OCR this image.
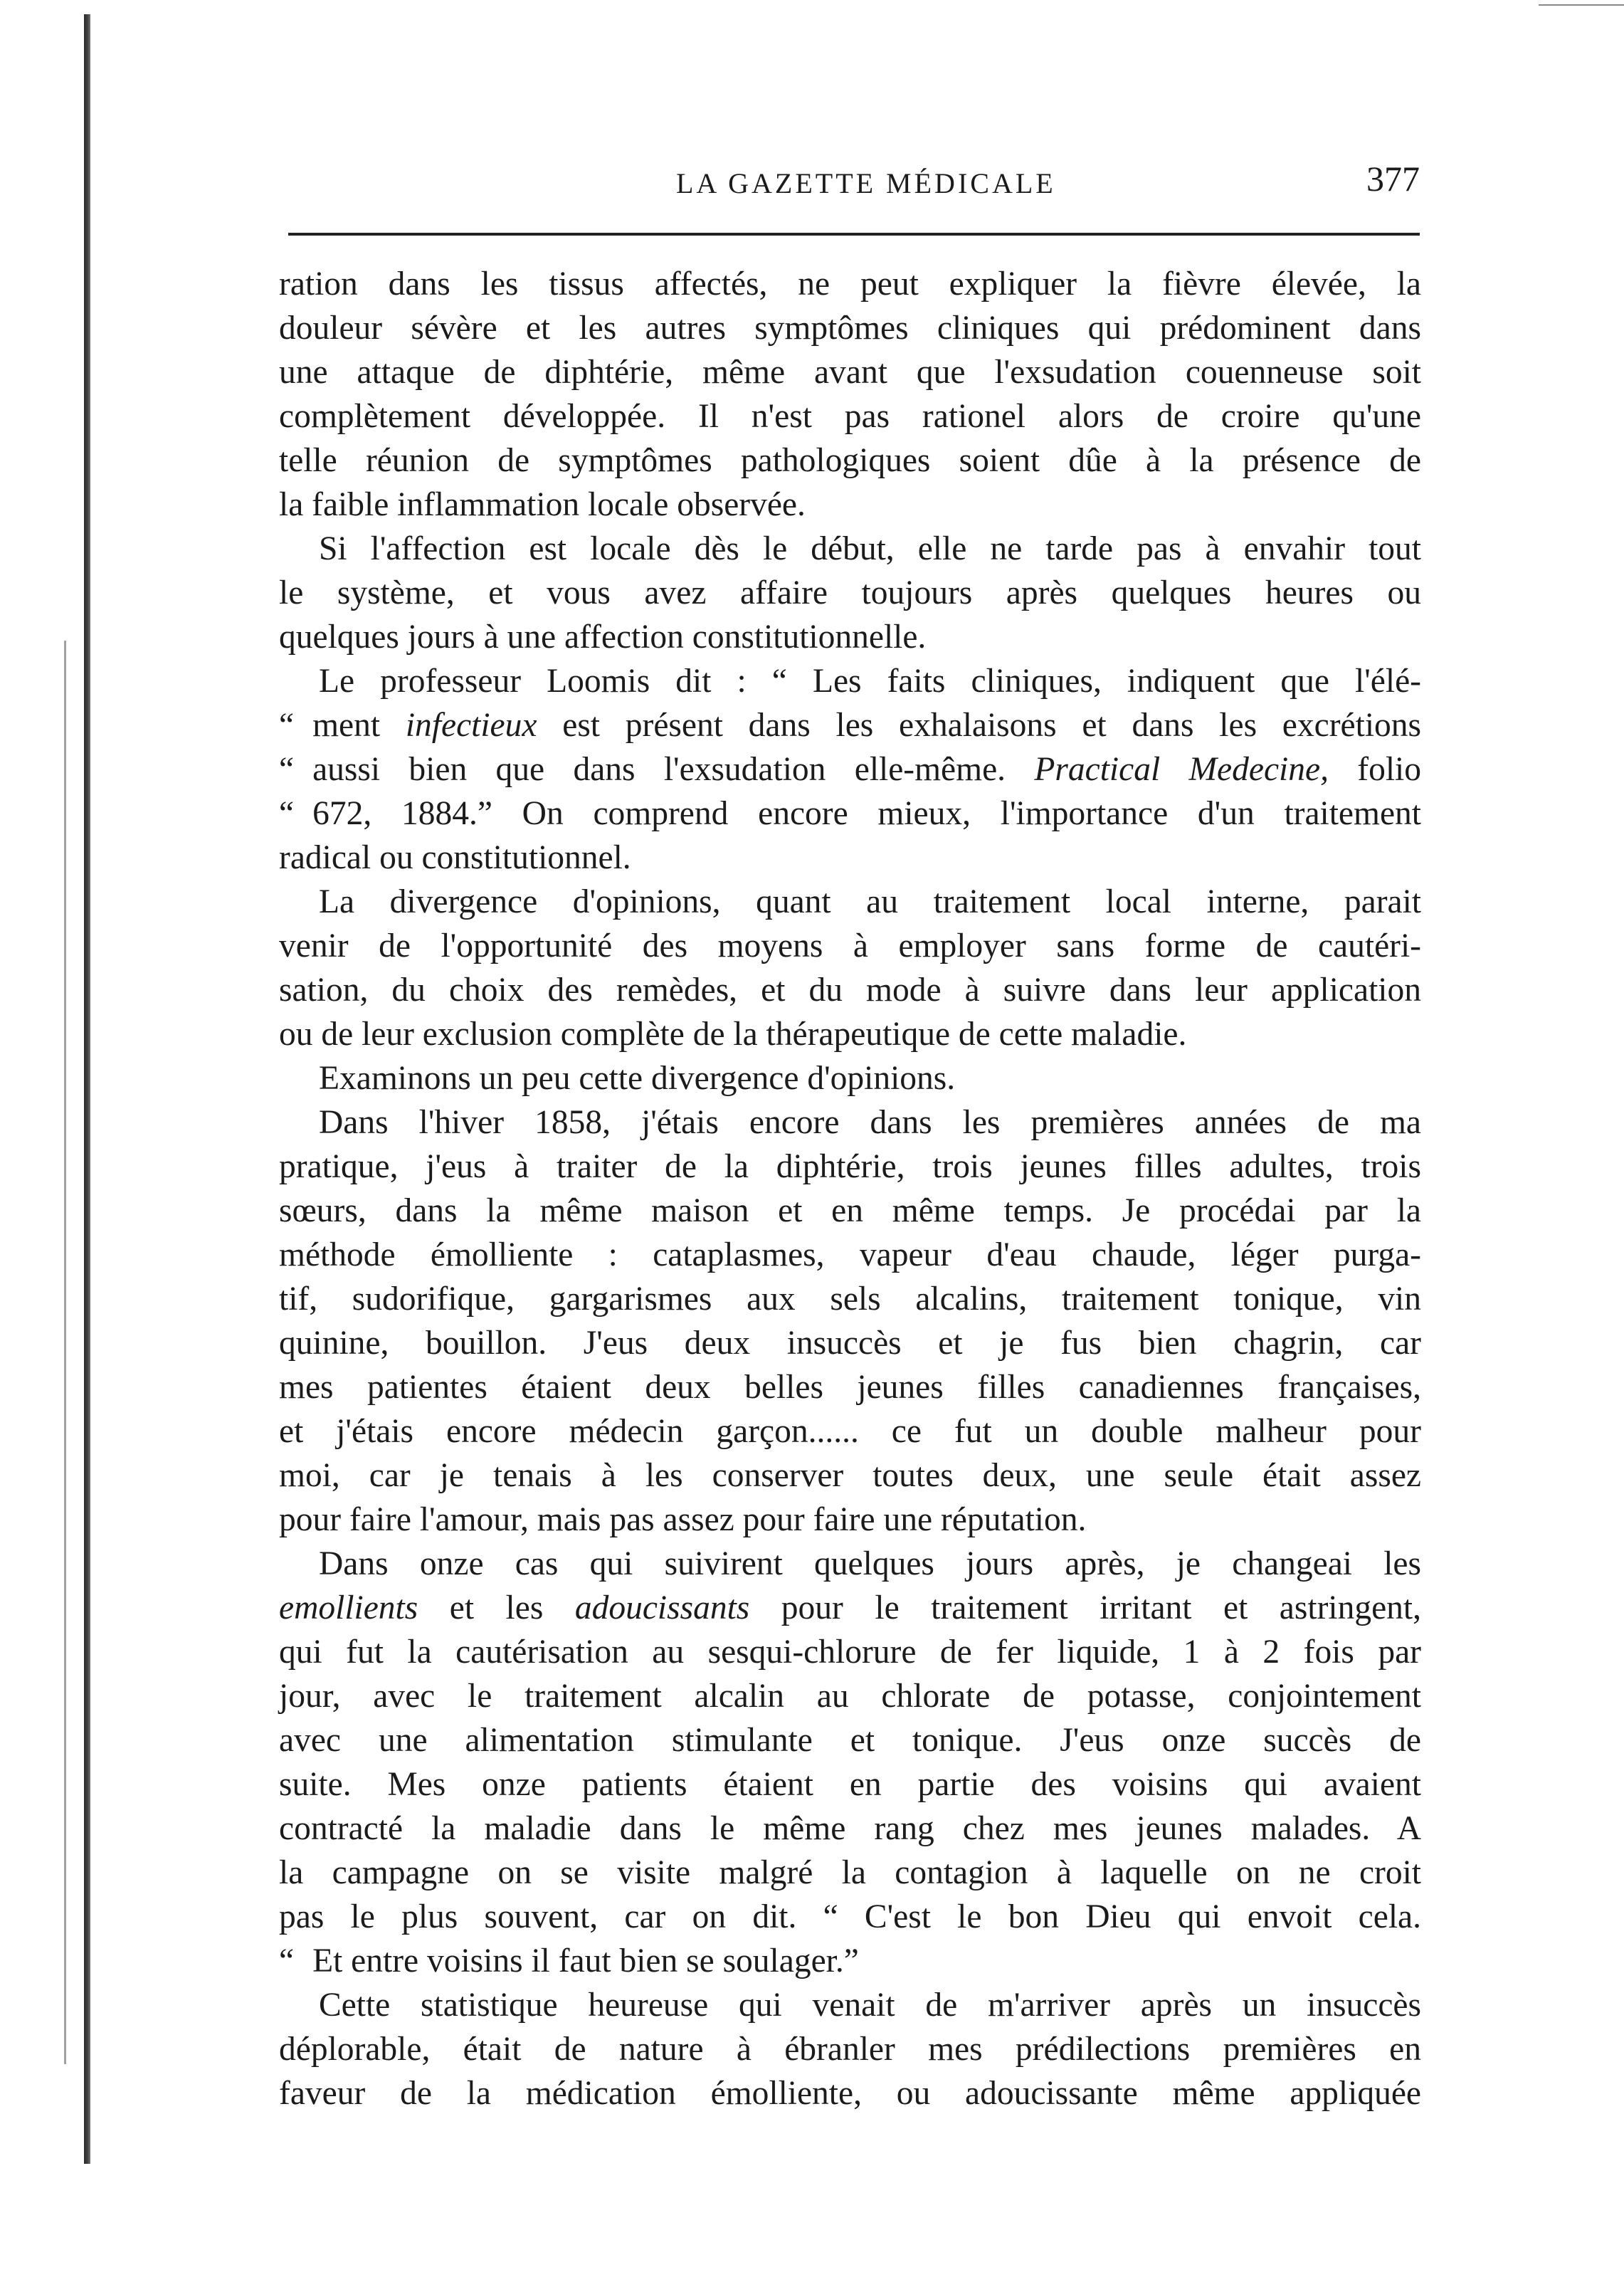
LA GAZETTE MÉDICALE	377
ration dans les tissus affectés, ne peut expliquer la fièvre élevée, la
douleur sévère et les autres symptômes cliniques qui prédominent dans
une attaque de diphtérie, même avant que l'exsudation couenneuse soit
complètement développée. Il n'est pas rationel alors de croire qu'une
telle réunion de symptômes pathologiques soient dûe à la présence de
la faible inflammation locale observée.
Si l'affection est locale dès le début, elle ne tarde pas à envahir tout
le système, et vous avez affaire toujours après quelques heures ou
quelques jours à une affection constitutionnelle.
Le professeur Loomis dit : “ Les faits cliniques, indiquent que l'élé-
“ ment infectieux est présent dans les exhalaisons et dans les excrétions
“ aussi bien que dans l'exsudation elle-même. Practical Medecine, folio
“ 672, 1884.” On comprend encore mieux, l'importance d'un traitement
radical ou constitutionnel.
La divergence d'opinions, quant au traitement local interne, parait
venir de l'opportunité des moyens à employer sans forme de cautéri-
sation, du choix des remèdes, et du mode à suivre dans leur application
ou de leur exclusion complète de la thérapeutique de cette maladie.
Examinons un peu cette divergence d'opinions.
Dans l'hiver 1858, j'étais encore dans les premières années de ma
pratique, j'eus à traiter de la diphtérie, trois jeunes filles adultes, trois
sœurs, dans la même maison et en même temps. Je procédai par la
méthode émolliente : cataplasmes, vapeur d'eau chaude, léger purga-
tif, sudorifique, gargarismes aux sels alcalins, traitement tonique, vin
quinine, bouillon. J'eus deux insuccès et je fus bien chagrin, car
mes patientes étaient deux belles jeunes filles canadiennes françaises,
et j'étais encore médecin garçon...... ce fut un double malheur pour
moi, car je tenais à les conserver toutes deux, une seule était assez
pour faire l'amour, mais pas assez pour faire une réputation.
Dans onze cas qui suivirent quelques jours après, je changeai les
emollients et les adoucissants pour le traitement irritant et astringent,
qui fut la cautérisation au sesqui-chlorure de fer liquide, 1 à 2 fois par
jour, avec le traitement alcalin au chlorate de potasse, conjointement
avec une alimentation stimulante et tonique. J'eus onze succès de
suite. Mes onze patients étaient en partie des voisins qui avaient
contracté la maladie dans le même rang chez mes jeunes malades. A
la campagne on se visite malgré la contagion à laquelle on ne croit
pas le plus souvent, car on dit. “ C'est le bon Dieu qui envoit cela.
“ Et entre voisins il faut bien se soulager.”
Cette statistique heureuse qui venait de m'arriver après un insuccès
déplorable, était de nature à ébranler mes prédilections premières en
faveur de la médication émolliente, ou adoucissante même appliquée
